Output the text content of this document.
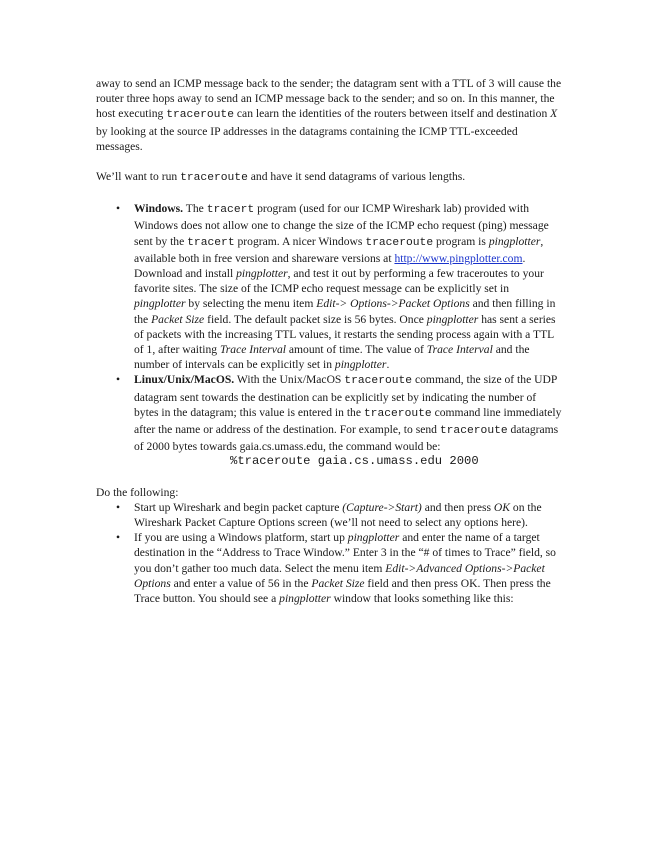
away to send an ICMP message back to the sender; the datagram sent with a TTL of 3 will cause the router three hops away to send an ICMP message back to the sender; and so on. In this manner, the host executing traceroute can learn the identities of the routers between itself and destination X by looking at the source IP addresses in the datagrams containing the ICMP TTL-exceeded messages.

We’ll want to run traceroute and have it send datagrams of various lengths.

• Windows. The tracert program (used for our ICMP Wireshark lab) provided with Windows does not allow one to change the size of the ICMP echo request (ping) message sent by the tracert program. A nicer Windows traceroute program is pingplotter, available both in free version and shareware versions at http://www.pingplotter.com. Download and install pingplotter, and test it out by performing a few traceroutes to your favorite sites. The size of the ICMP echo request message can be explicitly set in pingplotter by selecting the menu item Edit-> Options->Packet Options and then filling in the Packet Size field. The default packet size is 56 bytes. Once pingplotter has sent a series of packets with the increasing TTL values, it restarts the sending process again with a TTL of 1, after waiting Trace Interval amount of time. The value of Trace Interval and the number of intervals can be explicitly set in pingplotter.
• Linux/Unix/MacOS. With the Unix/MacOS traceroute command, the size of the UDP datagram sent towards the destination can be explicitly set by indicating the number of bytes in the datagram; this value is entered in the traceroute command line immediately after the name or address of the destination. For example, to send traceroute datagrams of 2000 bytes towards gaia.cs.umass.edu, the command would be:
%traceroute gaia.cs.umass.edu 2000

Do the following:

• Start up Wireshark and begin packet capture (Capture->Start) and then press OK on the Wireshark Packet Capture Options screen (we’ll not need to select any options here).
• If you are using a Windows platform, start up pingplotter and enter the name of a target destination in the “Address to Trace Window.” Enter 3 in the “# of times to Trace” field, so you don’t gather too much data. Select the menu item Edit->Advanced Options->Packet Options and enter a value of 56 in the Packet Size field and then press OK. Then press the Trace button. You should see a pingplotter window that looks something like this:
